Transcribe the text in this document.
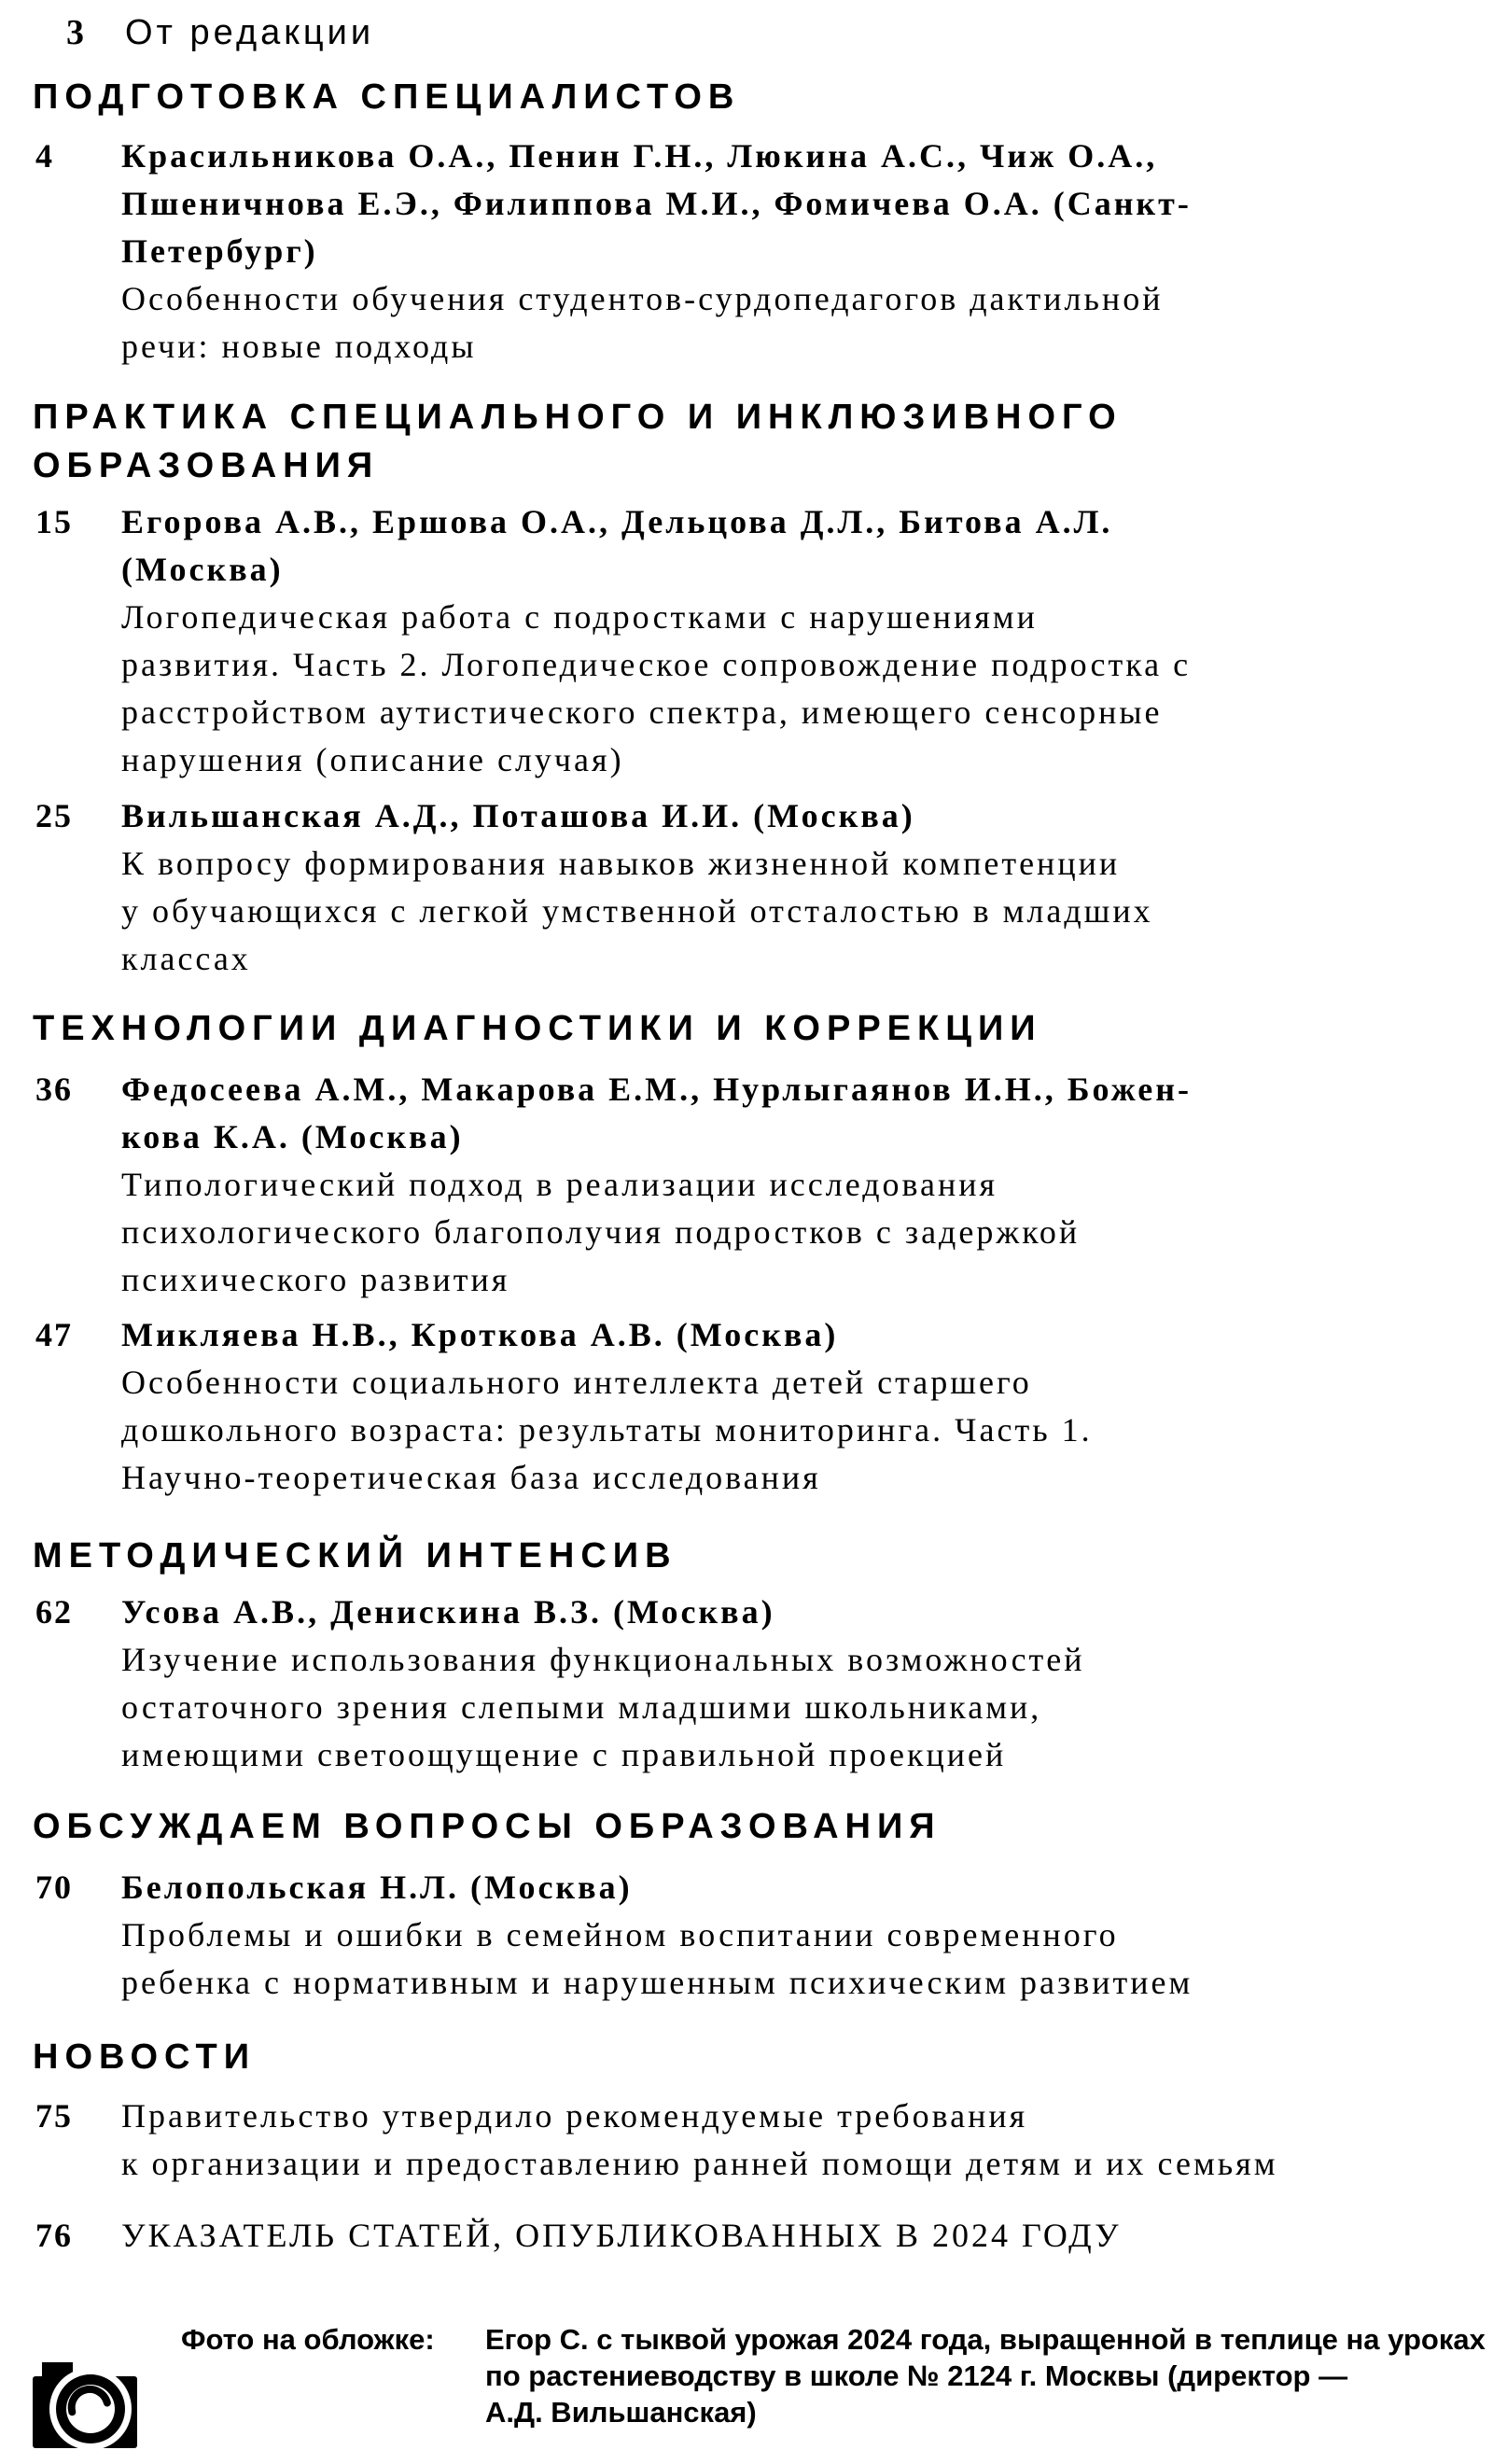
3 От редакции
ПОДГОТОВКА СПЕЦИАЛИСТОВ
4 Красильникова О.А., Пенин Г.Н., Люкина А.С., Чиж О.А.,
Пшеничнова Е.Э., Филиппова М.И., Фомичева О.А. (Санкт-
Петербург)
Особенности обучения студентов-сурдопедагогов дактильной
речи: новые подходы
ПРАКТИКА СПЕЦИАЛЬНОГО И ИНКЛЮЗИВНОГО
ОБРАЗОВАНИЯ
15 Егорова А.В., Ершова О.А., Дельцова Д.Л., Битова А.Л.
(Москва)
Логопедическая работа с подростками с нарушениями
развития. Часть 2. Логопедическое сопровождение подростка с
расстройством аутистического спектра, имеющего сенсорные
нарушения (описание случая)
25 Вильшанская А.Д., Поташова И.И. (Москва)
К вопросу формирования навыков жизненной компетенции
у обучающихся с легкой умственной отсталостью в младших
классах
ТЕХНОЛОГИИ ДИАГНОСТИКИ И КОРРЕКЦИИ
36 Федосеева А.М., Макарова Е.М., Нурлыгаянов И.Н., Божен-
кова К.А. (Москва)
Типологический подход в реализации исследования
психологического благополучия подростков с задержкой
психического развития
47 Микляева Н.В., Кроткова А.В. (Москва)
Особенности социального интеллекта детей старшего
дошкольного возраста: результаты мониторинга. Часть 1.
Научно-теоретическая база исследования
МЕТОДИЧЕСКИЙ ИНТЕНСИВ
62 Усова А.В., Денискина В.З. (Москва)
Изучение использования функциональных возможностей
остаточного зрения слепыми младшими школьниками,
имеющими светоощущение с правильной проекцией
ОБСУЖДАЕМ ВОПРОСЫ ОБРАЗОВАНИЯ
70 Белопольская Н.Л. (Москва)
Проблемы и ошибки в семейном воспитании современного
ребенка с нормативным и нарушенным психическим развитием
НОВОСТИ
75 Правительство утвердило рекомендуемые требования
к организации и предоставлению ранней помощи детям и их семьям
76 УКАЗАТЕЛЬ СТАТЕЙ, ОПУБЛИКОВАННЫХ В 2024 ГОДУ
Фото на обложке:	Егор С. с тыквой урожая 2024 года, выращенной в теплице на уроках
по растениеводству в школе № 2124 г. Москвы (директор —
А.Д. Вильшанская)
